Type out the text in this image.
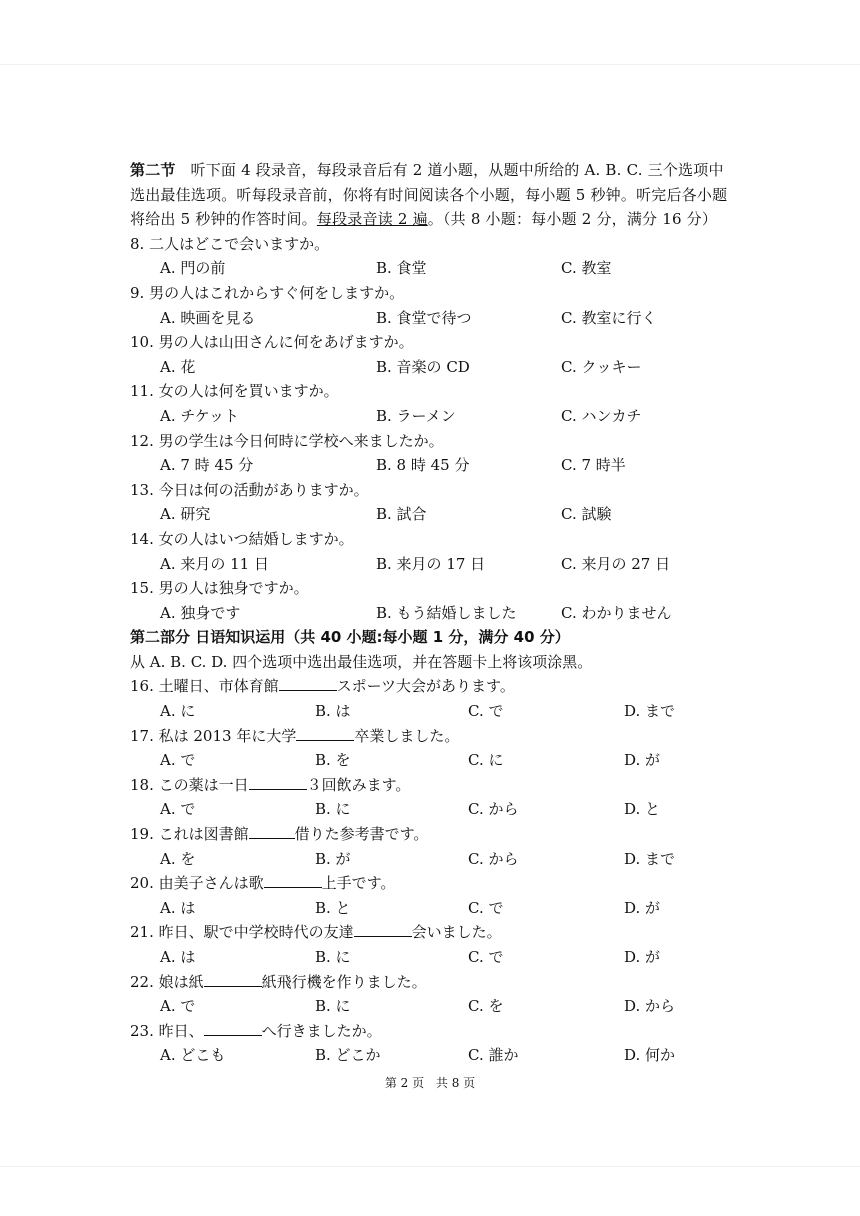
第二节 听下面 4 段录音，每段录音后有 2 道小题，从题中所给的 A. B. C. 三个选项中
选出最佳选项。听每段录音前，你将有时间阅读各个小题，每小题 5 秒钟。听完后各小题
将给出 5 秒钟的作答时间。每段录音读 2 遍。（共 8 小题：每小题 2 分，满分 16 分）
8. 二人はどこで会いますか。
A. 門の前	B. 食堂	C. 教室
9. 男の人はこれからすぐ何をしますか。
A. 映画を見る	B. 食堂で待つ	C. 教室に行く
10. 男の人は山田さんに何をあげますか。
A. 花	B. 音楽の CD	C. クッキー
11. 女の人は何を買いますか。
A. チケット	B. ラーメン	C. ハンカチ
12. 男の学生は今日何時に学校へ来ましたか。
A. 7 時 45 分	B. 8 時 45 分	C. 7 時半
13. 今日は何の活動がありますか。
A. 研究	B. 試合	C. 試験
14. 女の人はいつ結婚しますか。
A. 来月の 11 日	B. 来月の 17 日	C. 来月の 27 日
15. 男の人は独身ですか。
A. 独身です	B. もう結婚しました	C. わかりません
第二部分 日语知识运用（共 40 小题:每小题 1 分，满分 40 分）
从 A. B. C. D. 四个选项中选出最佳选项，并在答题卡上将该项涂黑。
16. 土曜日、市体育館	スポーツ大会があります。
A. に	B. は	C. で	D. まで
17. 私は 2013 年に大学	卒業しました。
A. で	B. を	C. に	D. が
18. この薬は一日	３回飲みます。
A. で	B. に	C. から	D. と
19. これは図書館	借りた参考書です。
A. を	B. が	C. から	D. まで
20. 由美子さんは歌	上手です。
A. は	B. と	C. で	D. が
21. 昨日、駅で中学校時代の友達	会いました。
A. は	B. に	C. で	D. が
22. 娘は紙	紙飛行機を作りました。
A. で	B. に	C. を	D. から
23. 昨日、	へ行きましたか。
A. どこも	B. どこか	C. 誰か	D. 何か
第 2 页 共 8 页
